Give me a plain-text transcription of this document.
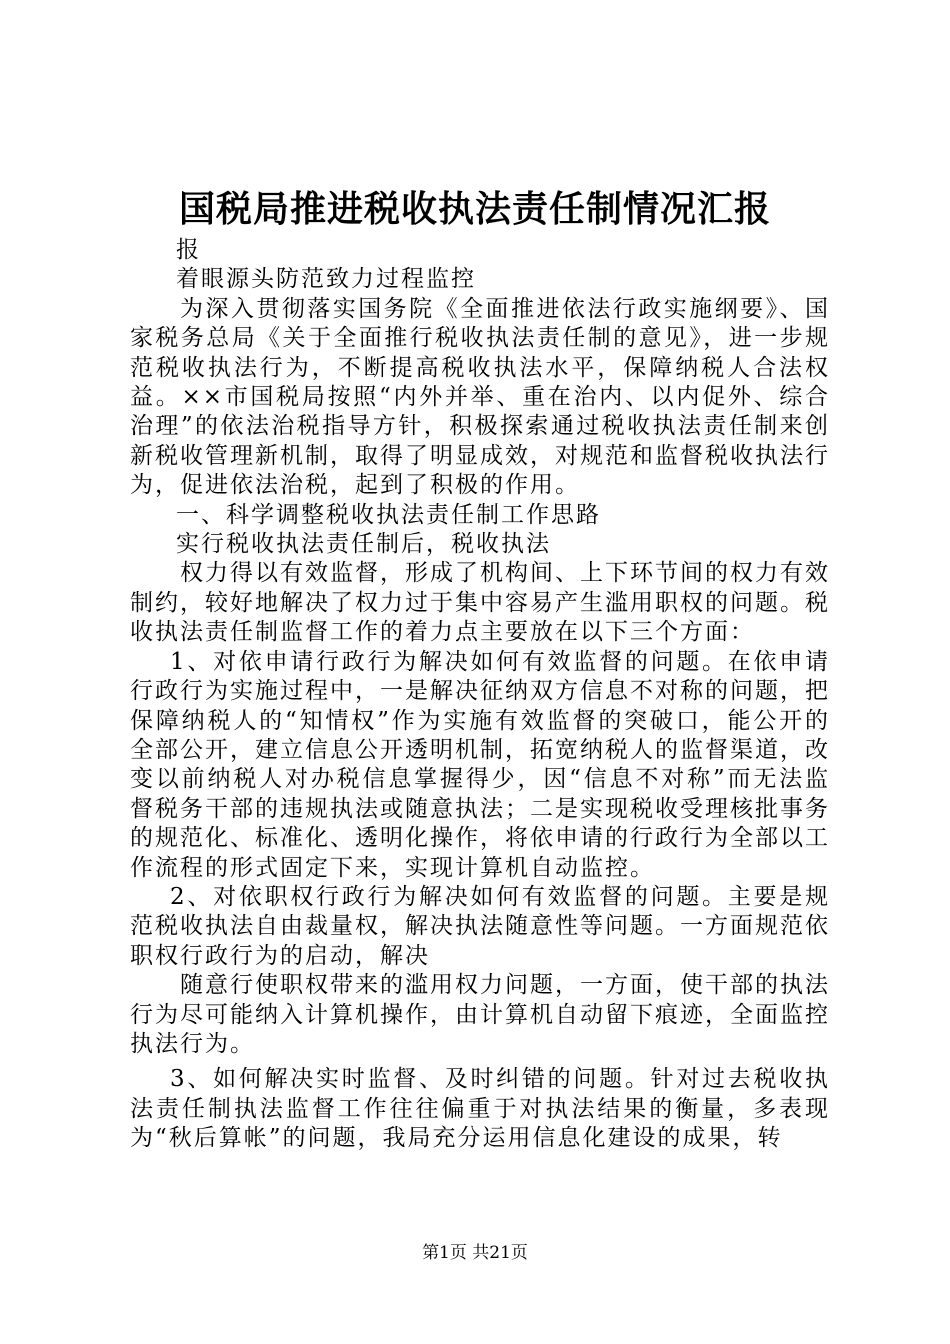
国税局推进税收执法责任制情况汇报

报

着眼源头防范致力过程监控

为深入贯彻落实国务院《全面推进依法行政实施纲要》、国家税务总局《关于全面推行税收执法责任制的意见》，进一步规范税收执法行为，不断提高税收执法水平，保障纳税人合法权益。××市国税局按照“内外并举、重在治内、以内促外、综合治理”的依法治税指导方针，积极探索通过税收执法责任制来创新税收管理新机制，取得了明显成效，对规范和监督税收执法行为，促进依法治税，起到了积极的作用。

一、科学调整税收执法责任制工作思路

实行税收执法责任制后，税收执法

权力得以有效监督，形成了机构间、上下环节间的权力有效制约，较好地解决了权力过于集中容易产生滥用职权的问题。税收执法责任制监督工作的着力点主要放在以下三个方面：

1、对依申请行政行为解决如何有效监督的问题。在依申请行政行为实施过程中，一是解决征纳双方信息不对称的问题，把保障纳税人的“知情权”作为实施有效监督的突破口，能公开的全部公开，建立信息公开透明机制，拓宽纳税人的监督渠道，改变以前纳税人对办税信息掌握得少，因“信息不对称”而无法监督税务干部的违规执法或随意执法；二是实现税收受理核批事务的规范化、标准化、透明化操作，将依申请的行政行为全部以工作流程的形式固定下来，实现计算机自动监控。

2、对依职权行政行为解决如何有效监督的问题。主要是规范税收执法自由裁量权，解决执法随意性等问题。一方面规范依职权行政行为的启动，解决

随意行使职权带来的滥用权力问题，一方面，使干部的执法行为尽可能纳入计算机操作，由计算机自动留下痕迹，全面监控执法行为。

3、如何解决实时监督、及时纠错的问题。针对过去税收执法责任制执法监督工作往往偏重于对执法结果的衡量，多表现为“秋后算帐”的问题，我局充分运用信息化建设的成果，转

第1页 共21页
